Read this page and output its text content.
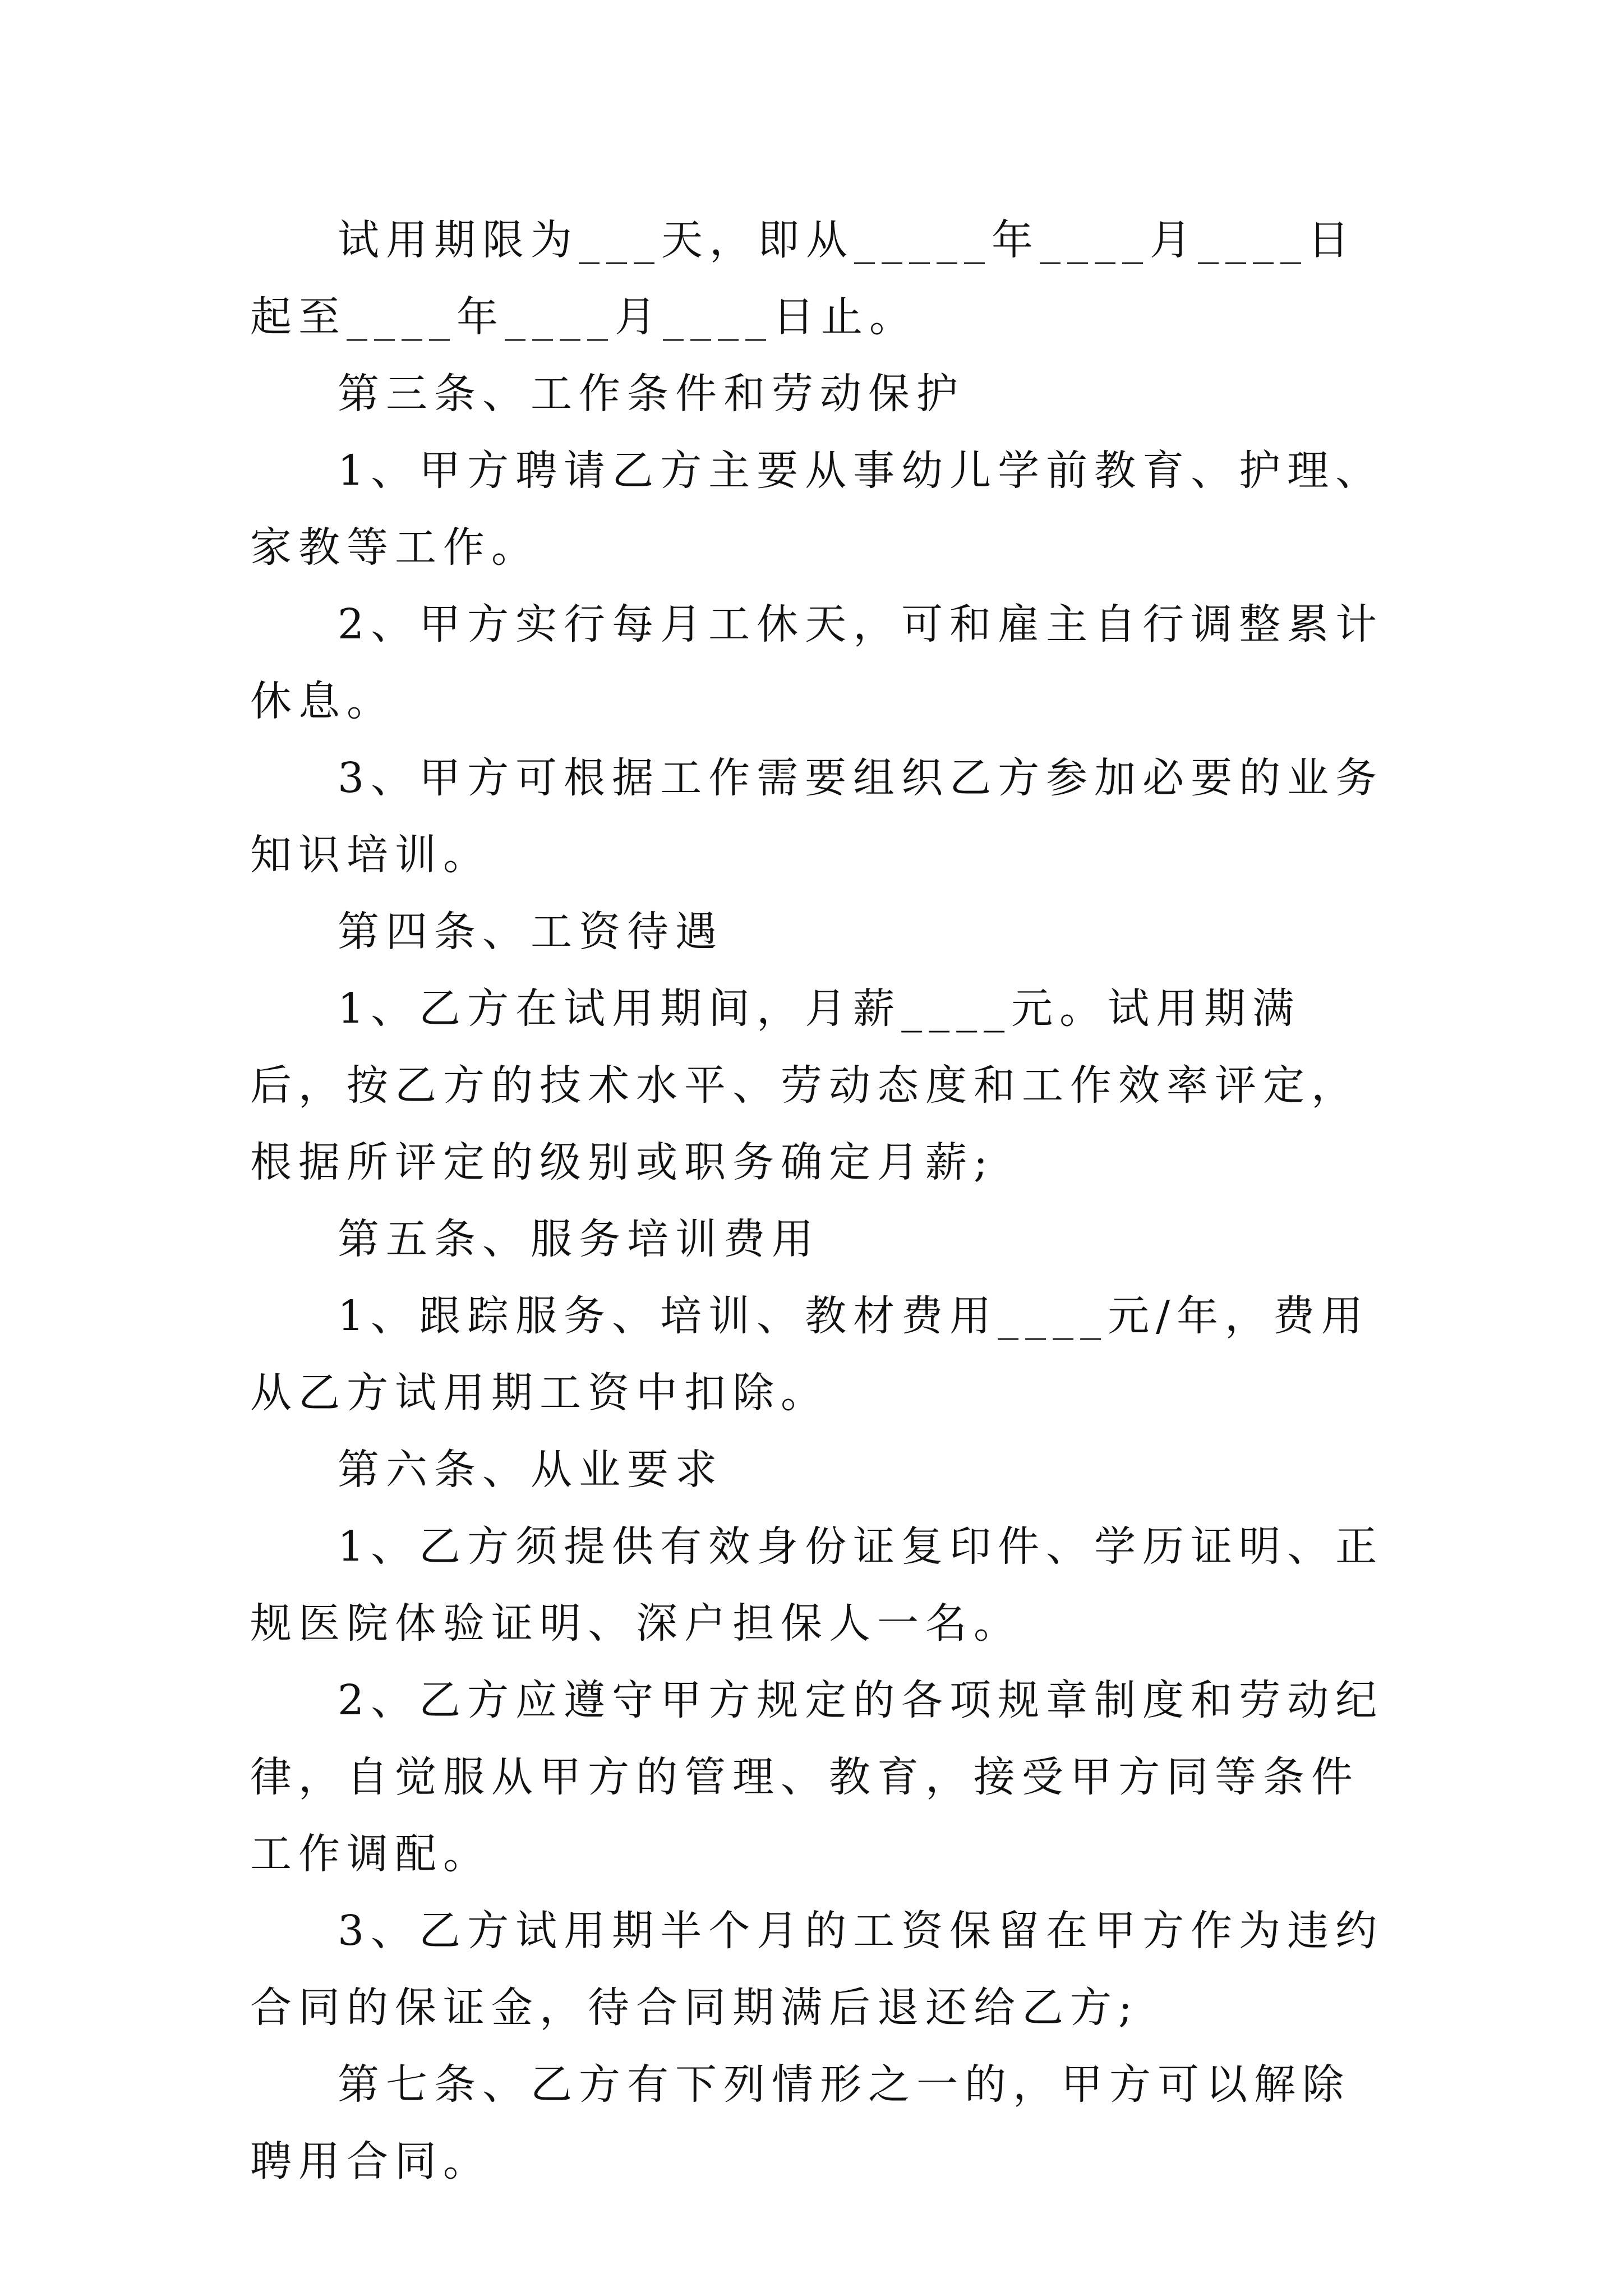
试用期限为___天，即从_____年____月____日起至____年____月____日止。

第三条、工作条件和劳动保护

1、甲方聘请乙方主要从事幼儿学前教育、护理、家教等工作。

2、甲方实行每月工休天，可和雇主自行调整累计休息。

3、甲方可根据工作需要组织乙方参加必要的业务知识培训。

第四条、工资待遇

1、乙方在试用期间，月薪____元。试用期满后，按乙方的技术水平、劳动态度和工作效率评定，根据所评定的级别或职务确定月薪;

第五条、服务培训费用

1、跟踪服务、培训、教材费用____元/年，费用从乙方试用期工资中扣除。

第六条、从业要求

1、乙方须提供有效身份证复印件、学历证明、正规医院体验证明、深户担保人一名。

2、乙方应遵守甲方规定的各项规章制度和劳动纪律，自觉服从甲方的管理、教育，接受甲方同等条件工作调配。

3、乙方试用期半个月的工资保留在甲方作为违约合同的保证金，待合同期满后退还给乙方;

第七条、乙方有下列情形之一的，甲方可以解除聘用合同。
